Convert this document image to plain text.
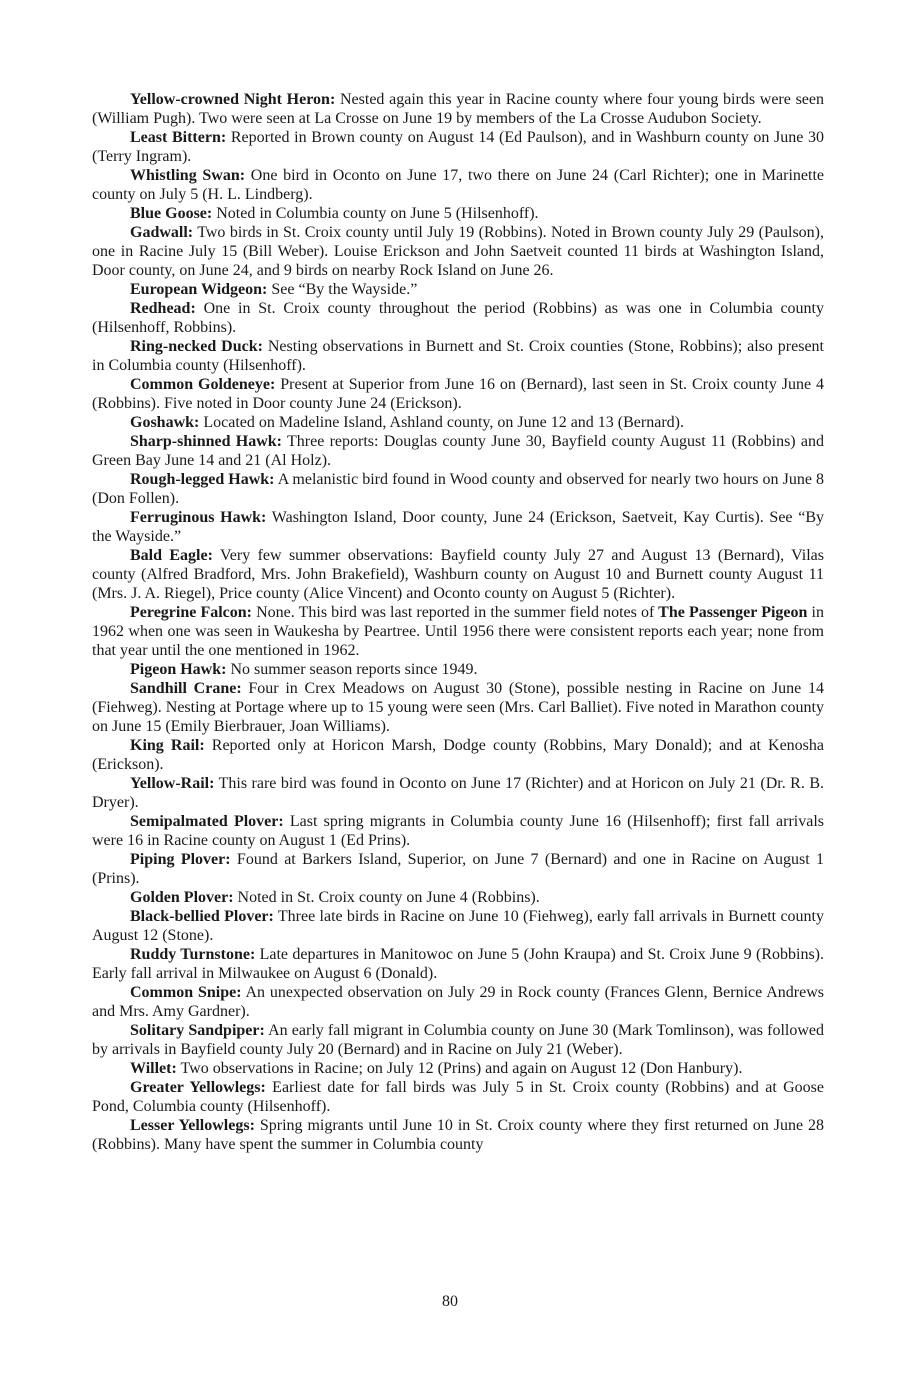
Yellow-crowned Night Heron: Nested again this year in Racine county where four young birds were seen (William Pugh). Two were seen at La Crosse on June 19 by members of the La Crosse Audubon Society.

Least Bittern: Reported in Brown county on August 14 (Ed Paulson), and in Washburn county on June 30 (Terry Ingram).

Whistling Swan: One bird in Oconto on June 17, two there on June 24 (Carl Richter); one in Marinette county on July 5 (H. L. Lindberg).

Blue Goose: Noted in Columbia county on June 5 (Hilsenhoff).

Gadwall: Two birds in St. Croix county until July 19 (Robbins). Noted in Brown county July 29 (Paulson), one in Racine July 15 (Bill Weber). Louise Erickson and John Saetveit counted 11 birds at Washington Island, Door county, on June 24, and 9 birds on nearby Rock Island on June 26.

European Widgeon: See “By the Wayside.”

Redhead: One in St. Croix county throughout the period (Robbins) as was one in Columbia county (Hilsenhoff, Robbins).

Ring-necked Duck: Nesting observations in Burnett and St. Croix counties (Stone, Robbins); also present in Columbia county (Hilsenhoff).

Common Goldeneye: Present at Superior from June 16 on (Bernard), last seen in St. Croix county June 4 (Robbins). Five noted in Door county June 24 (Erickson).

Goshawk: Located on Madeline Island, Ashland county, on June 12 and 13 (Bernard).

Sharp-shinned Hawk: Three reports: Douglas county June 30, Bayfield county August 11 (Robbins) and Green Bay June 14 and 21 (Al Holz).

Rough-legged Hawk: A melanistic bird found in Wood county and observed for nearly two hours on June 8 (Don Follen).

Ferruginous Hawk: Washington Island, Door county, June 24 (Erickson, Saetveit, Kay Curtis). See “By the Wayside.”

Bald Eagle: Very few summer observations: Bayfield county July 27 and August 13 (Bernard), Vilas county (Alfred Bradford, Mrs. John Brakefield), Washburn county on August 10 and Burnett county August 11 (Mrs. J. A. Riegel), Price county (Alice Vincent) and Oconto county on August 5 (Richter).

Peregrine Falcon: None. This bird was last reported in the summer field notes of The Passenger Pigeon in 1962 when one was seen in Waukesha by Peartree. Until 1956 there were consistent reports each year; none from that year until the one mentioned in 1962.

Pigeon Hawk: No summer season reports since 1949.

Sandhill Crane: Four in Crex Meadows on August 30 (Stone), possible nesting in Racine on June 14 (Fiehweg). Nesting at Portage where up to 15 young were seen (Mrs. Carl Balliet). Five noted in Marathon county on June 15 (Emily Bierbrauer, Joan Williams).

King Rail: Reported only at Horicon Marsh, Dodge county (Robbins, Mary Donald); and at Kenosha (Erickson).

Yellow-Rail: This rare bird was found in Oconto on June 17 (Richter) and at Horicon on July 21 (Dr. R. B. Dryer).

Semipalmated Plover: Last spring migrants in Columbia county June 16 (Hilsenhoff); first fall arrivals were 16 in Racine county on August 1 (Ed Prins).

Piping Plover: Found at Barkers Island, Superior, on June 7 (Bernard) and one in Racine on August 1 (Prins).

Golden Plover: Noted in St. Croix county on June 4 (Robbins).

Black-bellied Plover: Three late birds in Racine on June 10 (Fiehweg), early fall arrivals in Burnett county August 12 (Stone).

Ruddy Turnstone: Late departures in Manitowoc on June 5 (John Kraupa) and St. Croix June 9 (Robbins). Early fall arrival in Milwaukee on August 6 (Donald).

Common Snipe: An unexpected observation on July 29 in Rock county (Frances Glenn, Bernice Andrews and Mrs. Amy Gardner).

Solitary Sandpiper: An early fall migrant in Columbia county on June 30 (Mark Tomlinson), was followed by arrivals in Bayfield county July 20 (Bernard) and in Racine on July 21 (Weber).

Willet: Two observations in Racine; on July 12 (Prins) and again on August 12 (Don Hanbury).

Greater Yellowlegs: Earliest date for fall birds was July 5 in St. Croix county (Robbins) and at Goose Pond, Columbia county (Hilsenhoff).

Lesser Yellowlegs: Spring migrants until June 10 in St. Croix county where they first returned on June 28 (Robbins). Many have spent the summer in Columbia county

80
